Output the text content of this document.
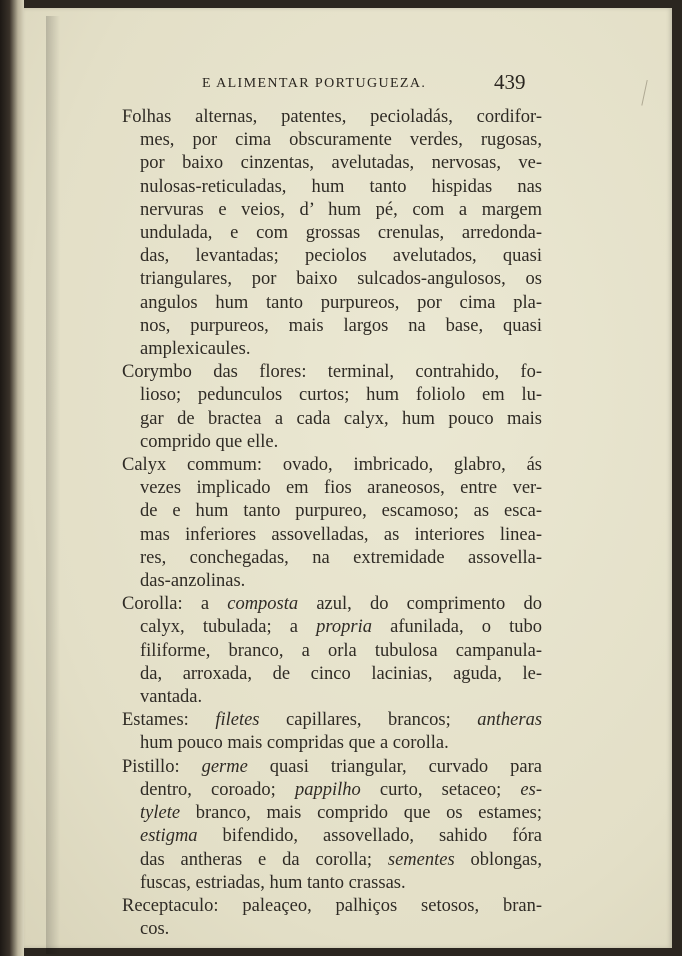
E ALIMENTAR PORTUGUEZA.	439
Folhas alternas, patentes, pecioladás, cordifor-
mes, por cima obscuramente verdes, rugosas,
por baixo cinzentas, avelutadas, nervosas, ve-
nulosas-reticuladas, hum tanto hispidas nas
nervuras e veios, d’ hum pé, com a margem
undulada, e com grossas crenulas, arredonda-
das, levantadas; peciolos avelutados, quasi
triangulares, por baixo sulcados-angulosos, os
angulos hum tanto purpureos, por cima pla-
nos, purpureos, mais largos na base, quasi
amplexicaules.
Corymbo das flores: terminal, contrahido, fo-
lioso; pedunculos curtos; hum foliolo em lu-
gar de bractea a cada calyx, hum pouco mais
comprido que elle.
Calyx commum: ovado, imbricado, glabro, ás
vezes implicado em fios araneosos, entre ver-
de e hum tanto purpureo, escamoso; as esca-
mas inferiores assovelladas, as interiores linea-
res, conchegadas, na extremidade assovella-
das-anzolinas.
Corolla: a composta azul, do comprimento do
calyx, tubulada; a propria afunilada, o tubo
filiforme, branco, a orla tubulosa campanula-
da, arroxada, de cinco lacinias, aguda, le-
vantada.
Estames: filetes capillares, brancos; antheras
hum pouco mais compridas que a corolla.
Pistillo: germe quasi triangular, curvado para
dentro, coroado; pappilho curto, setaceo; es-
tylete branco, mais comprido que os estames;
estigma bifendido, assovellado, sahido fóra
das antheras e da corolla; sementes oblongas,
fuscas, estriadas, hum tanto crassas.
Receptaculo: paleaçeo, palhiços setosos, bran-
cos.
